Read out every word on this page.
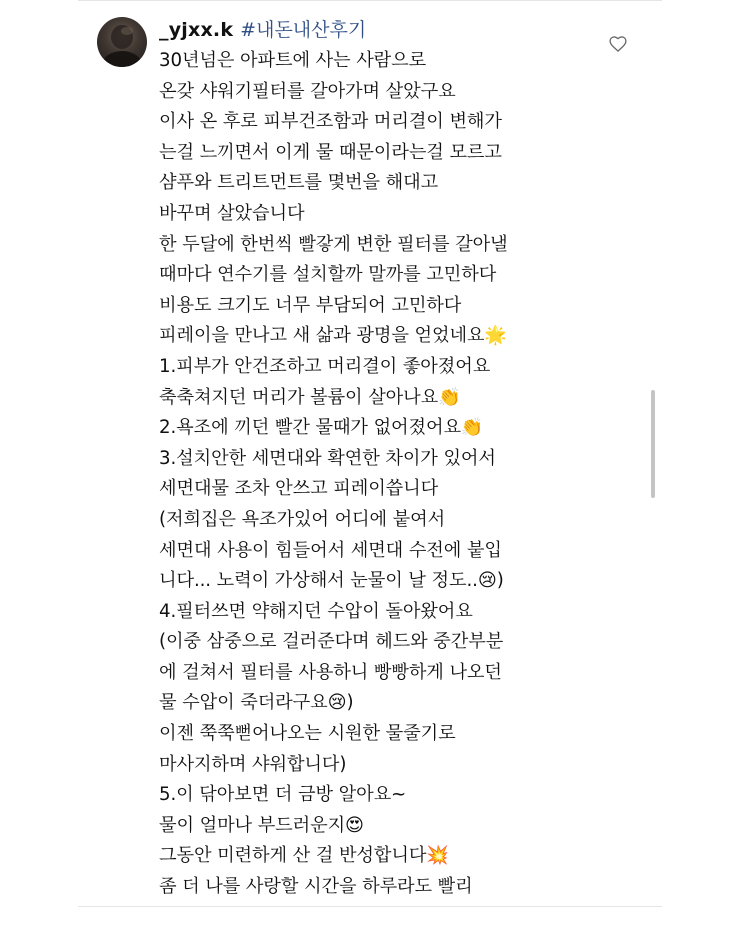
_yjxx.k #내돈내산후기
30년넘은 아파트에 사는 사람으로
온갖 샤워기필터를 갈아가며 살았구요
이사 온 후로 피부건조함과 머리결이 변해가
는걸 느끼면서 이게 물 때문이라는걸 모르고
샴푸와 트리트먼트를 몇번을 해대고
바꾸며 살았습니다
한 두달에 한번씩 빨갛게 변한 필터를 갈아낼
때마다 연수기를 설치할까 말까를 고민하다
비용도 크기도 너무 부담되어 고민하다
피레이을 만나고 새 삶과 광명을 얻었네요🌟
1.피부가 안건조하고 머리결이 좋아졌어요
축축쳐지던 머리가 볼륨이 살아나요👏
2.욕조에 끼던 빨간 물때가 없어졌어요👏
3.설치안한 세면대와 확연한 차이가 있어서
세면대물 조차 안쓰고 피레이씁니다
(저희집은 욕조가있어 어디에 붙여서
세면대 사용이 힘들어서 세면대 수전에 붙입
니다... 노력이 가상해서 눈물이 날 정도..😢)
4.필터쓰면 약해지던 수압이 돌아왔어요
(이중 삼중으로 걸러준다며 헤드와 중간부분
에 걸쳐서 필터를 사용하니 빵빵하게 나오던
물 수압이 죽더라구요😢)
이젠 쭉쭉뻗어나오는 시원한 물줄기로
마사지하며 샤워합니다)
5.이 닦아보면 더 금방 알아요~
물이 얼마나 부드러운지😍
그동안 미련하게 산 걸 반성합니다💥
좀 더 나를 사랑할 시간을 하루라도 빨리
